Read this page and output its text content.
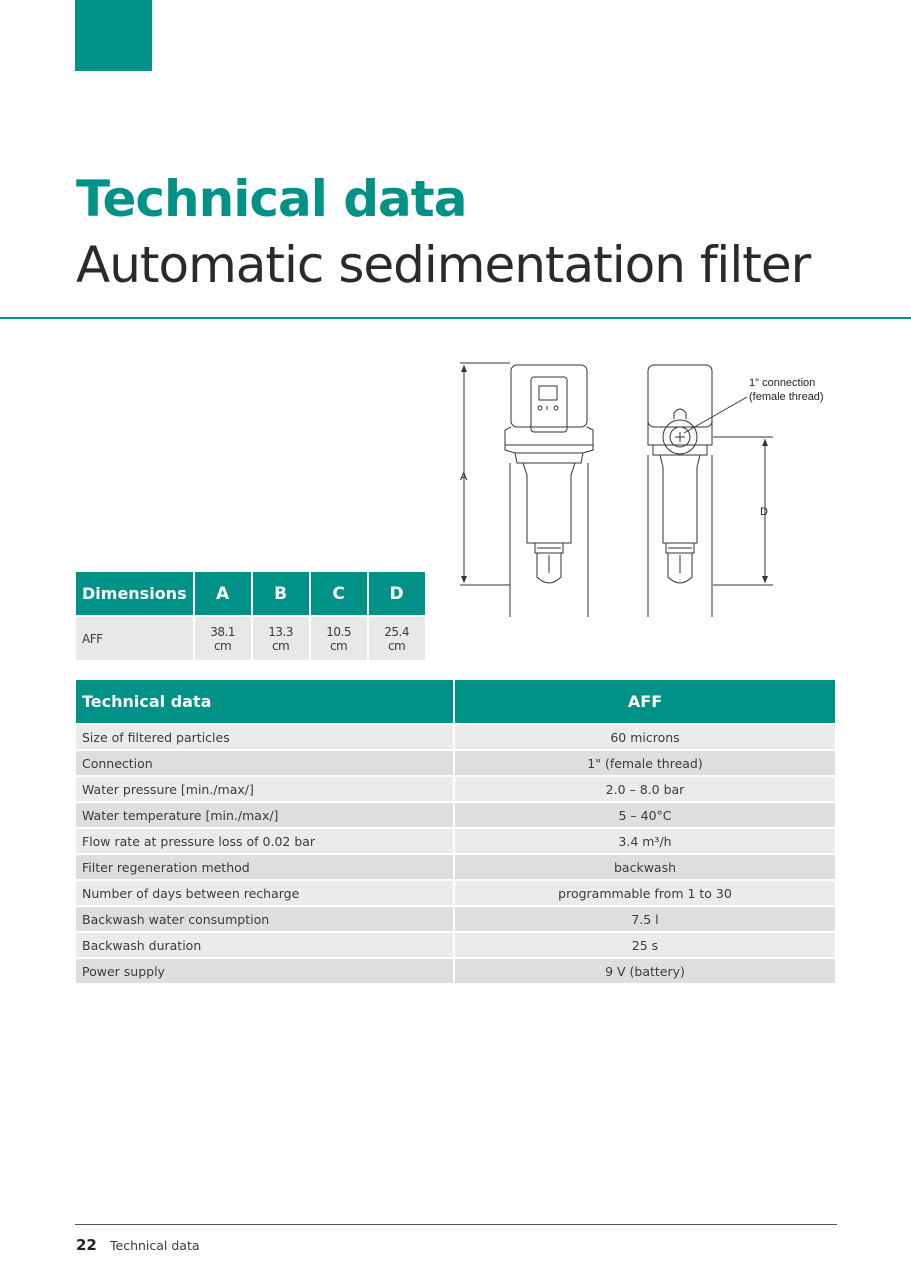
Technical data
Automatic sedimentation filter
A
D
1" connection
(female thread)
Dimensions	A	B	C	D
AFF	38.1 cm	13.3 cm	10.5 cm	25.4 cm
Technical data	AFF
Size of filtered particles	60 microns
Connection	1" (female thread)
Water pressure [min./max/]	2.0 – 8.0 bar
Water temperature [min./max/]	5 – 40°C
Flow rate at pressure loss of 0.02 bar	3.4 m³/h
Filter regeneration method	backwash
Number of days between recharge	programmable from 1 to 30
Backwash water consumption	7.5 l
Backwash duration	25 s
Power supply	9 V (battery)
22 Technical data
